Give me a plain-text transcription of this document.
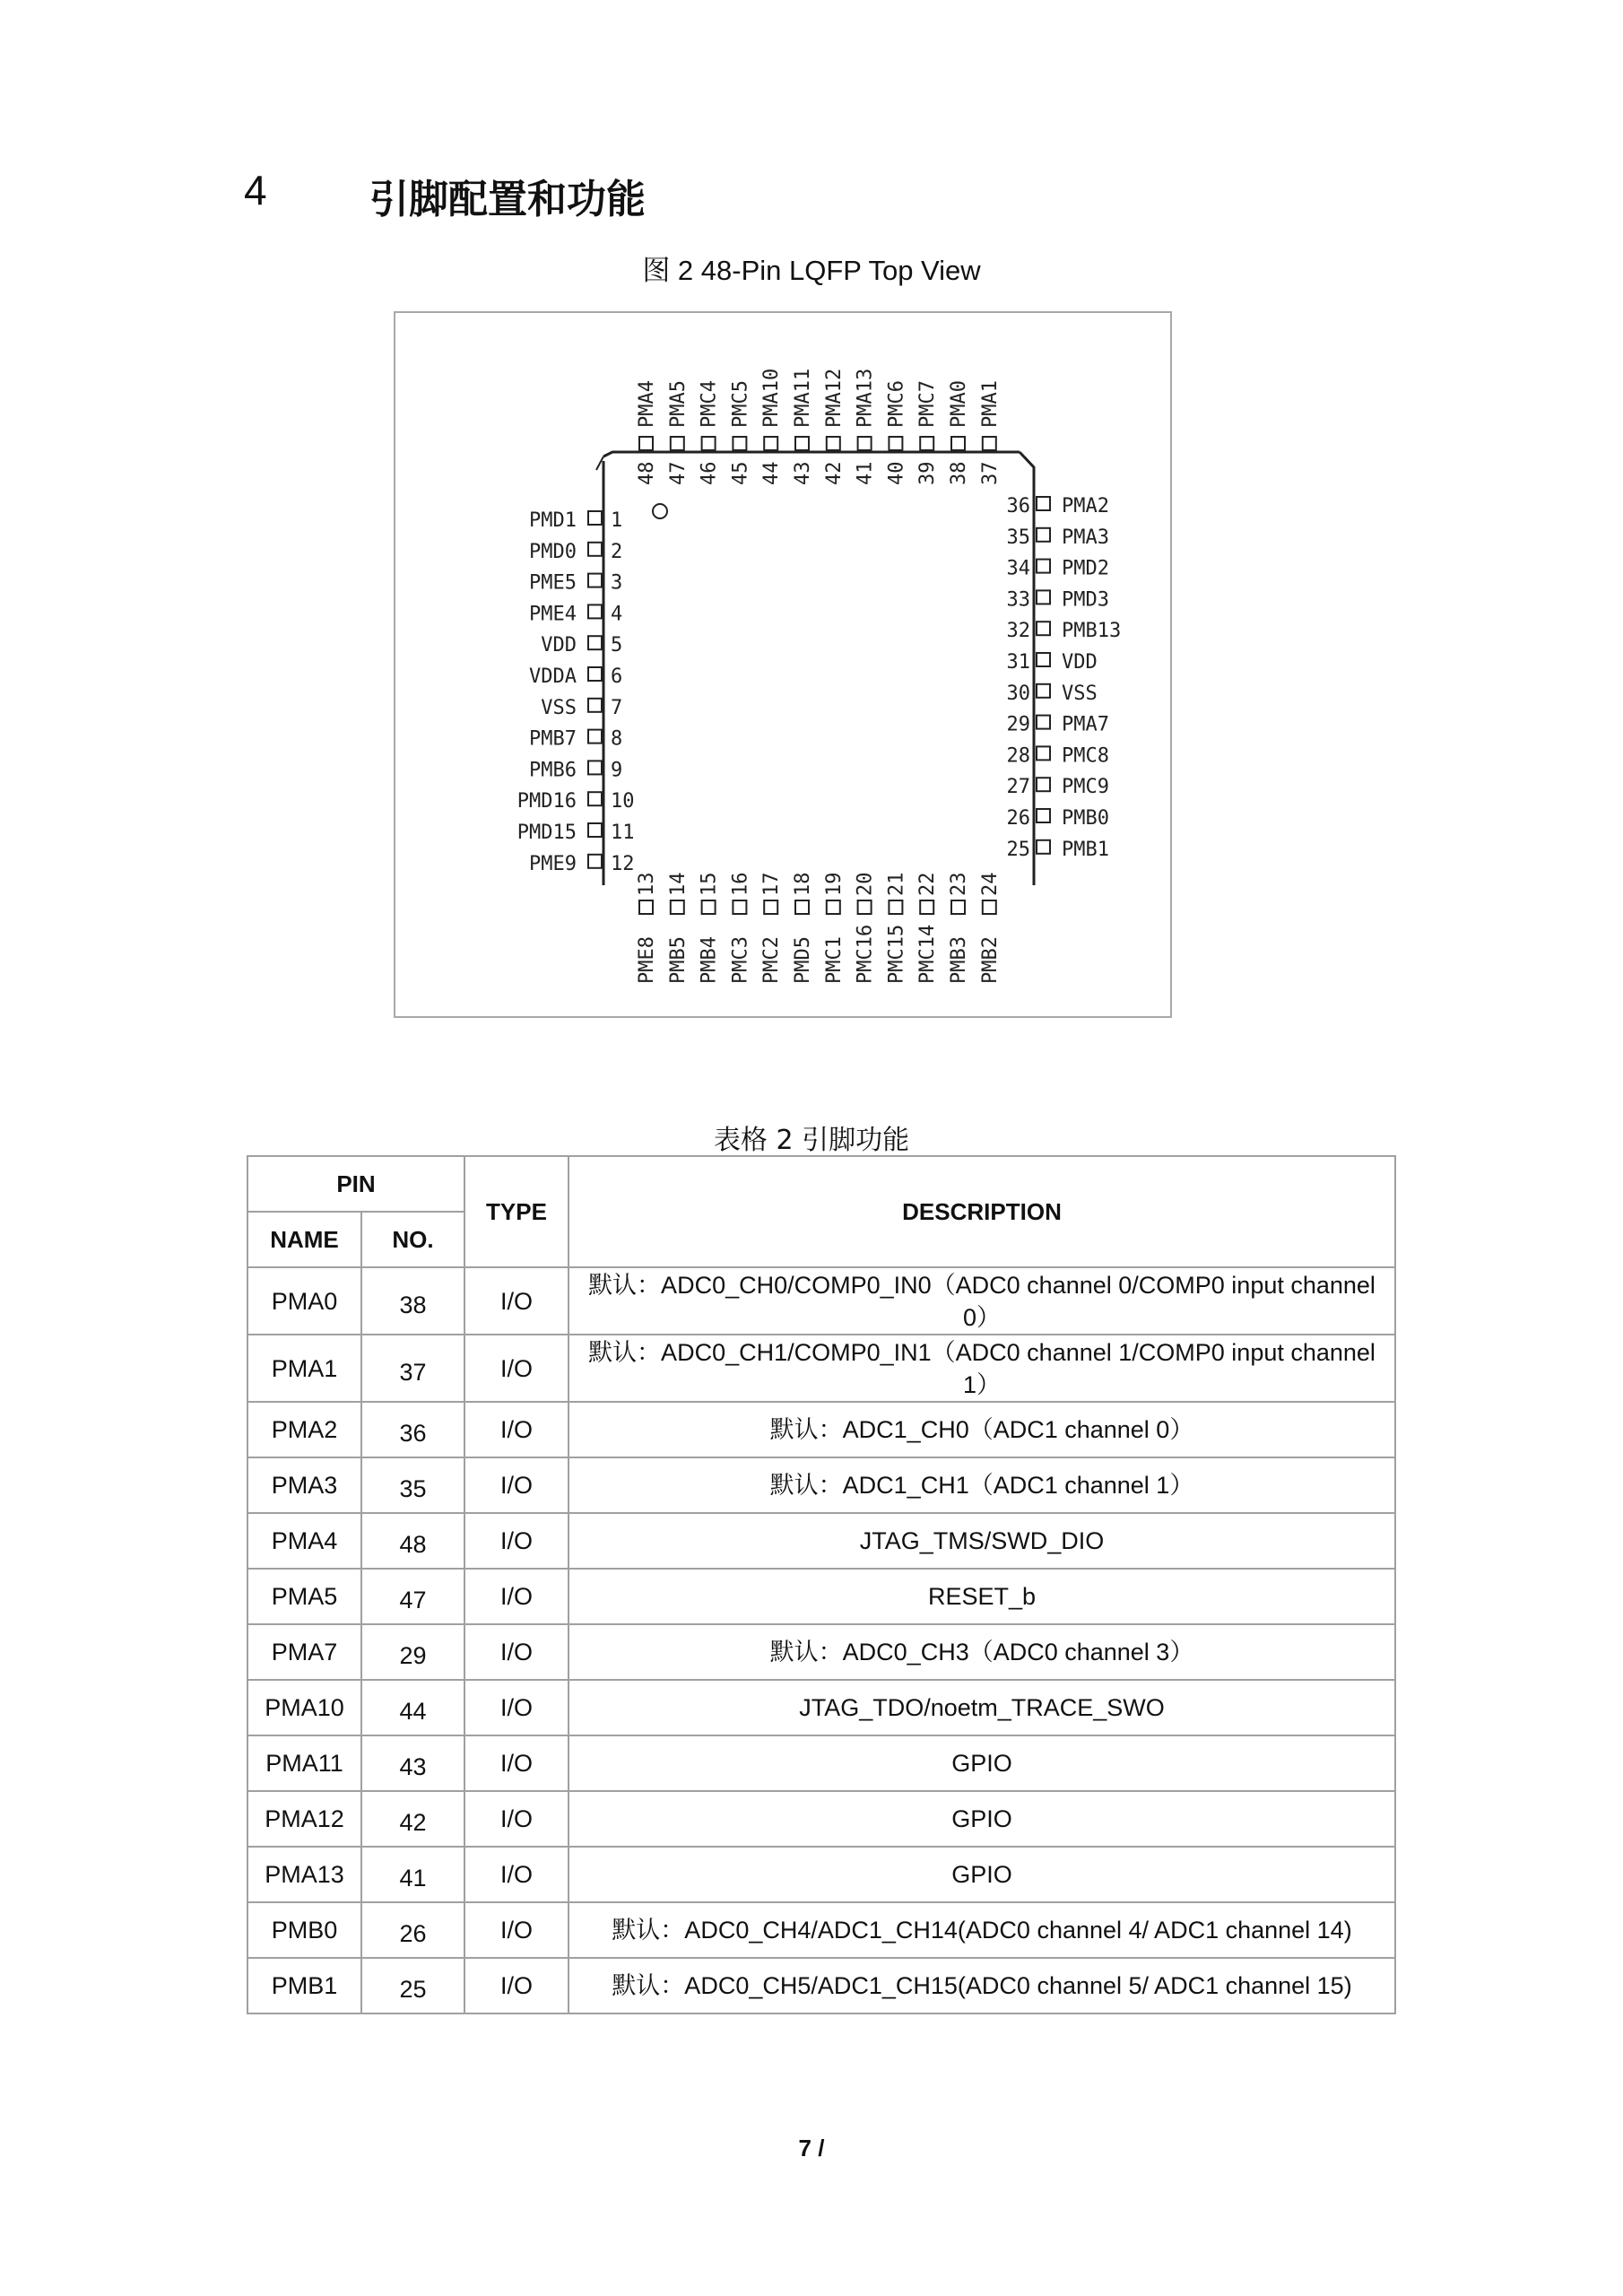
4	引脚配置和功能
图 2 48-Pin LQFP Top View
1
PMD1
2
PMD0
3
PME5
4
PME4
5
VDD
6
VDDA
7
VSS
8
PMB7
9
PMB6
10
PMD16
11
PMD15
12
PME9
36 PMA2
35 PMA3
34 PMD2
33 PMD3
32 PMB13
31 VDD
30 VSS
29 PMA7
28 PMC8
27 PMC9
26 PMB0
25 PMB1
48
PMA4
47
PMA5
46
PMC4
45
PMC5
44
PMA10
43
PMA11
42
PMA12
41
PMA13
40
PMC6
39
PMC7
38
PMA0
37
PMA1
13
PME8
14
PMB5
15
PMB4
16
PMC3
17
PMC2
18
PMD5
19
PMC1
20
PMC16
21
PMC15
22
PMC14
23
PMB3
24
PMB2
表格 2 引脚功能
PIN		TYPE	DESCRIPTION
NAME	NO.		
PMA0	38	I/O	默认：ADC0_CH0/COMP0_IN0（ADC0 channel 0/COMP0 input channel 0）
PMA1	37	I/O	默认：ADC0_CH1/COMP0_IN1（ADC0 channel 1/COMP0 input channel 1）
PMA2	36	I/O	默认：ADC1_CH0（ADC1 channel 0）
PMA3	35	I/O	默认：ADC1_CH1（ADC1 channel 1）
PMA4	48	I/O	JTAG_TMS/SWD_DIO
PMA5	47	I/O	RESET_b
PMA7	29	I/O	默认：ADC0_CH3（ADC0 channel 3）
PMA10	44	I/O	JTAG_TDO/noetm_TRACE_SWO
PMA11	43	I/O	GPIO
PMA12	42	I/O	GPIO
PMA13	41	I/O	GPIO
PMB0	26	I/O	默认：ADC0_CH4/ADC1_CH14(ADC0 channel 4/ ADC1 channel 14)
PMB1	25	I/O	默认：ADC0_CH5/ADC1_CH15(ADC0 channel 5/ ADC1 channel 15)
7 /
